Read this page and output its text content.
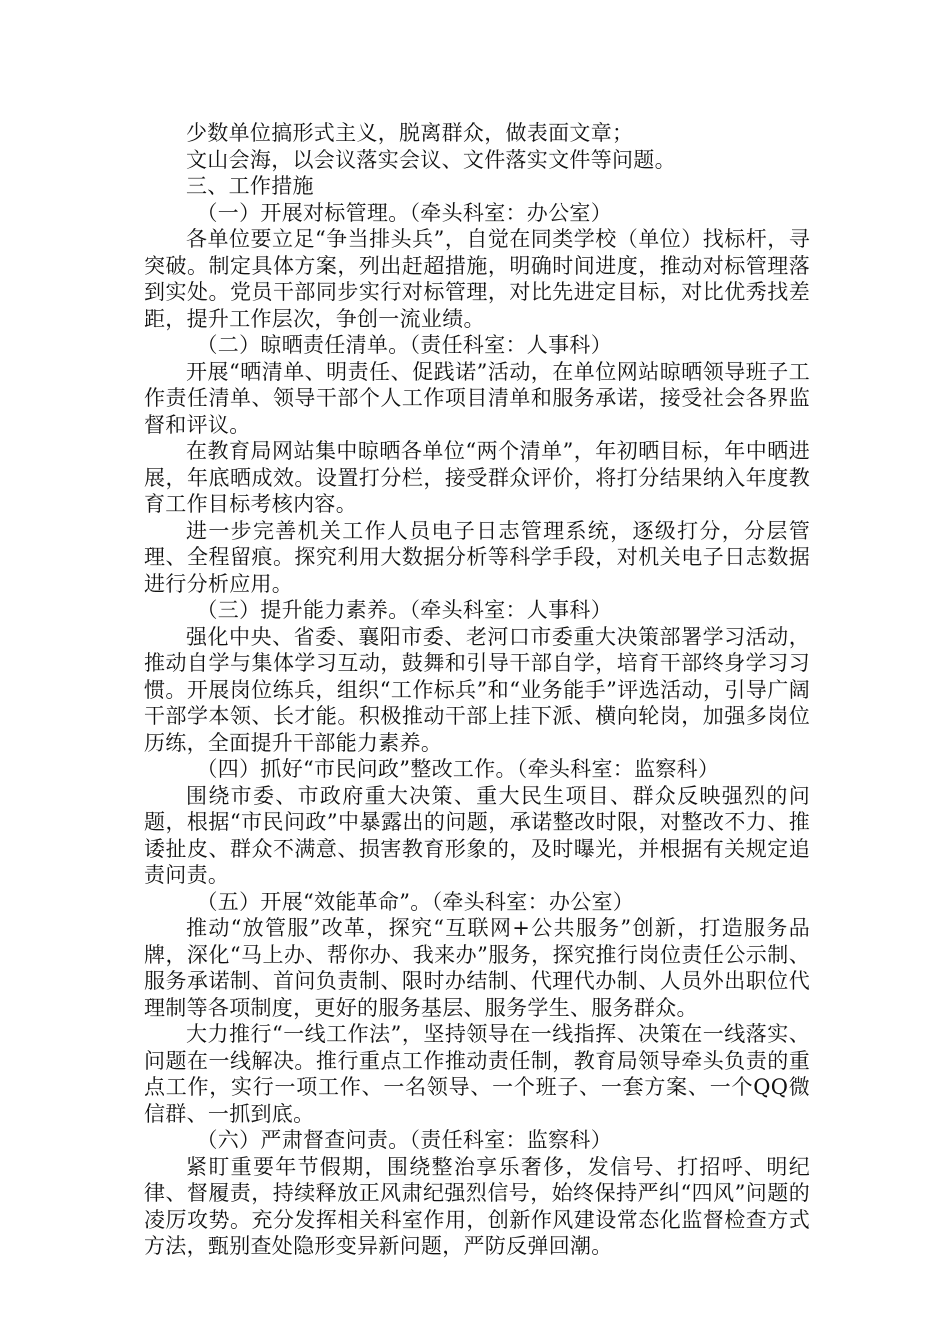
少数单位搞形式主义，脱离群众，做表面文章；

文山会海，以会议落实会议、文件落实文件等问题。

三、工作措施

（一）开展对标管理。（牵头科室：办公室）

各单位要立足“争当排头兵”，自觉在同类学校（单位）找标杆，寻突破。制定具体方案，列出赶超措施，明确时间进度，推动对标管理落到实处。党员干部同步实行对标管理，对比先进定目标，对比优秀找差距，提升工作层次，争创一流业绩。

（二）晾晒责任清单。（责任科室：人事科）

开展“晒清单、明责任、促践诺”活动，在单位网站晾晒领导班子工作责任清单、领导干部个人工作项目清单和服务承诺，接受社会各界监督和评议。

在教育局网站集中晾晒各单位“两个清单”，年初晒目标，年中晒进展，年底晒成效。设置打分栏，接受群众评价，将打分结果纳入年度教育工作目标考核内容。

进一步完善机关工作人员电子日志管理系统，逐级打分，分层管理、全程留痕。探究利用大数据分析等科学手段，对机关电子日志数据进行分析应用。

（三）提升能力素养。（牵头科室：人事科）

强化中央、省委、襄阳市委、老河口市委重大决策部署学习活动，推动自学与集体学习互动，鼓舞和引导干部自学，培育干部终身学习习惯。开展岗位练兵，组织“工作标兵”和“业务能手”评选活动，引导广阔干部学本领、长才能。积极推动干部上挂下派、横向轮岗，加强多岗位历练，全面提升干部能力素养。

（四）抓好“市民问政”整改工作。（牵头科室：监察科）

围绕市委、市政府重大决策、重大民生项目、群众反映强烈的问题，根据“市民问政”中暴露出的问题，承诺整改时限，对整改不力、推诿扯皮、群众不满意、损害教育形象的，及时曝光，并根据有关规定追责问责。

（五）开展“效能革命”。（牵头科室：办公室）

推动“放管服”改革，探究“互联网+公共服务”创新，打造服务品牌，深化“马上办、帮你办、我来办”服务，探究推行岗位责任公示制、服务承诺制、首问负责制、限时办结制、代理代办制、人员外出职位代理制等各项制度，更好的服务基层、服务学生、服务群众。

大力推行“一线工作法”，坚持领导在一线指挥、决策在一线落实、问题在一线解决。推行重点工作推动责任制，教育局领导牵头负责的重点工作，实行一项工作、一名领导、一个班子、一套方案、一个QQ微信群、一抓到底。

（六）严肃督查问责。（责任科室：监察科）

紧盯重要年节假期，围绕整治享乐奢侈，发信号、打招呼、明纪律、督履责，持续释放正风肃纪强烈信号，始终保持严纠“四风”问题的凌厉攻势。充分发挥相关科室作用，创新作风建设常态化监督检查方式方法，甄别查处隐形变异新问题，严防反弹回潮。
